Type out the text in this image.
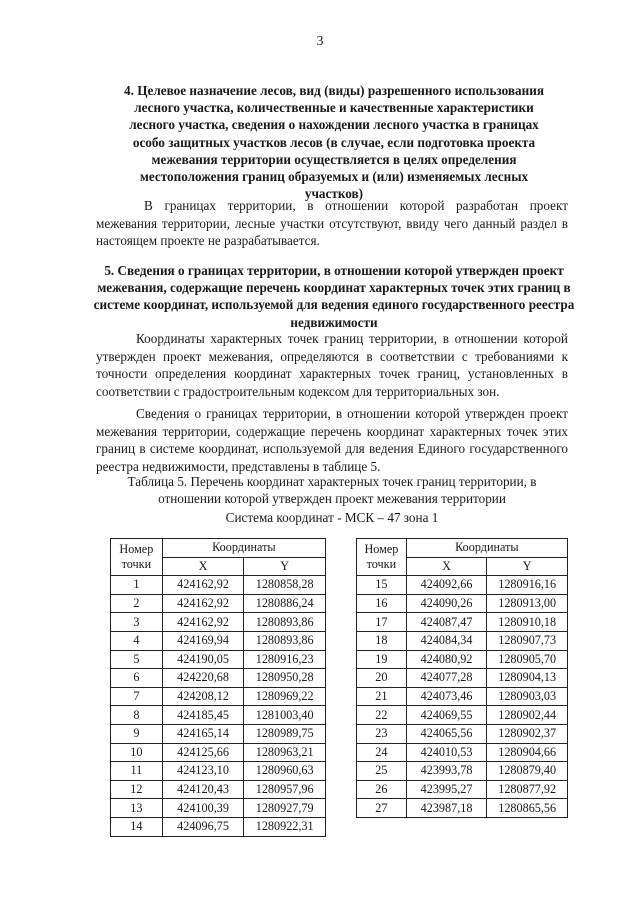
3
4. Целевое назначение лесов, вид (виды) разрешенного использования лесного участка, количественные и качественные характеристики лесного участка, сведения о нахождении лесного участка в границах особо защитных участков лесов (в случае, если подготовка проекта межевания территории осуществляется в целях определения местоположения границ образуемых и (или) изменяемых лесных участков)
В границах территории, в отношении которой разработан проект межевания территории, лесные участки отсутствуют, ввиду чего данный раздел в настоящем проекте не разрабатывается.
5. Сведения о границах территории, в отношении которой утвержден проект межевания, содержащие перечень координат характерных точек этих границ в системе координат, используемой для ведения единого государственного реестра недвижимости
Координаты характерных точек границ территории, в отношении которой утвержден проект межевания, определяются в соответствии с требованиями к точности определения координат характерных точек границ, установленных в соответствии с градостроительным кодексом для территориальных зон.
Сведения о границах территории, в отношении которой утвержден проект межевания территории, содержащие перечень координат характерных точек этих границ в системе координат, используемой для ведения Единого государственного реестра недвижимости, представлены в таблице 5.
Таблица 5. Перечень координат характерных точек границ территории, в отношении которой утвержден проект межевания территории
Система координат - МСК – 47 зона 1
Номер точки	Координаты	
	X	Y
1	424162,92	1280858,28
2	424162,92	1280886,24
3	424162,92	1280893,86
4	424169,94	1280893,86
5	424190,05	1280916,23
6	424220,68	1280950,28
7	424208,12	1280969,22
8	424185,45	1281003,40
9	424165,14	1280989,75
10	424125,66	1280963,21
11	424123,10	1280960,63
12	424120,43	1280957,96
13	424100,39	1280927,79
14	424096,75	1280922,31
Номер точки	Координаты	
	X	Y
15	424092,66	1280916,16
16	424090,26	1280913,00
17	424087,47	1280910,18
18	424084,34	1280907,73
19	424080,92	1280905,70
20	424077,28	1280904,13
21	424073,46	1280903,03
22	424069,55	1280902,44
23	424065,56	1280902,37
24	424010,53	1280904,66
25	423993,78	1280879,40
26	423995,27	1280877,92
27	423987,18	1280865,56
